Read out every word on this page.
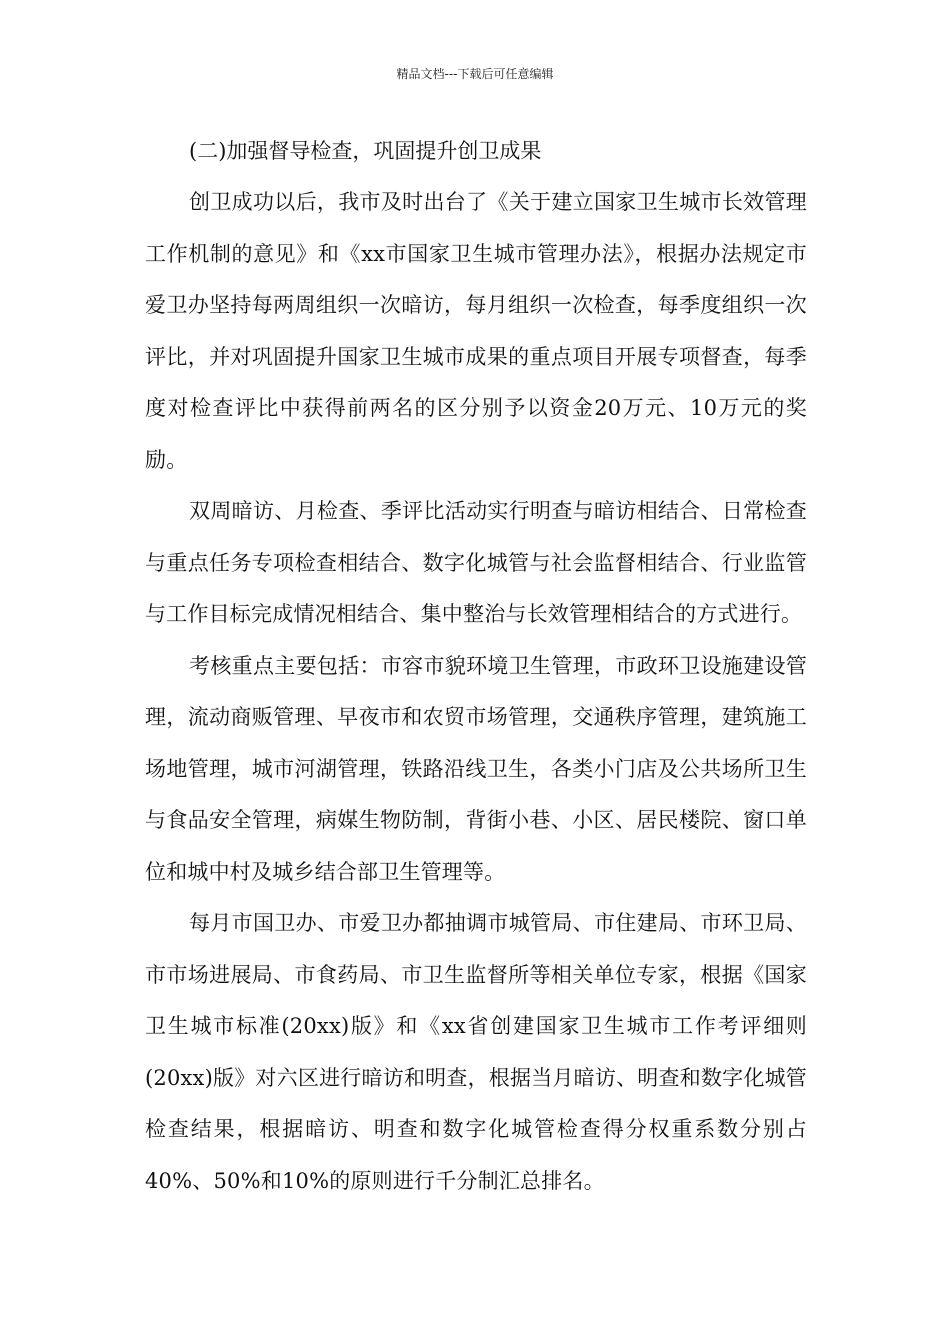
精品文档---下载后可任意编辑

(二)加强督导检查，巩固提升创卫成果

创卫成功以后，我市及时出台了《关于建立国家卫生城市长效管理工作机制的意见》和《xx市国家卫生城市管理办法》，根据办法规定市爱卫办坚持每两周组织一次暗访，每月组织一次检查，每季度组织一次评比，并对巩固提升国家卫生城市成果的重点项目开展专项督查，每季度对检查评比中获得前两名的区分别予以资金20万元、10万元的奖励。

双周暗访、月检查、季评比活动实行明查与暗访相结合、日常检查与重点任务专项检查相结合、数字化城管与社会监督相结合、行业监管与工作目标完成情况相结合、集中整治与长效管理相结合的方式进行。

考核重点主要包括：市容市貌环境卫生管理，市政环卫设施建设管理，流动商贩管理、早夜市和农贸市场管理，交通秩序管理，建筑施工场地管理，城市河湖管理，铁路沿线卫生，各类小门店及公共场所卫生与食品安全管理，病媒生物防制，背街小巷、小区、居民楼院、窗口单位和城中村及城乡结合部卫生管理等。

每月市国卫办、市爱卫办都抽调市城管局、市住建局、市环卫局、市市场进展局、市食药局、市卫生监督所等相关单位专家，根据《国家卫生城市标准(20xx)版》和《xx省创建国家卫生城市工作考评细则(20xx)版》对六区进行暗访和明查，根据当月暗访、明查和数字化城管检查结果，根据暗访、明查和数字化城管检查得分权重系数分别占40%、50%和10%的原则进行千分制汇总排名。
